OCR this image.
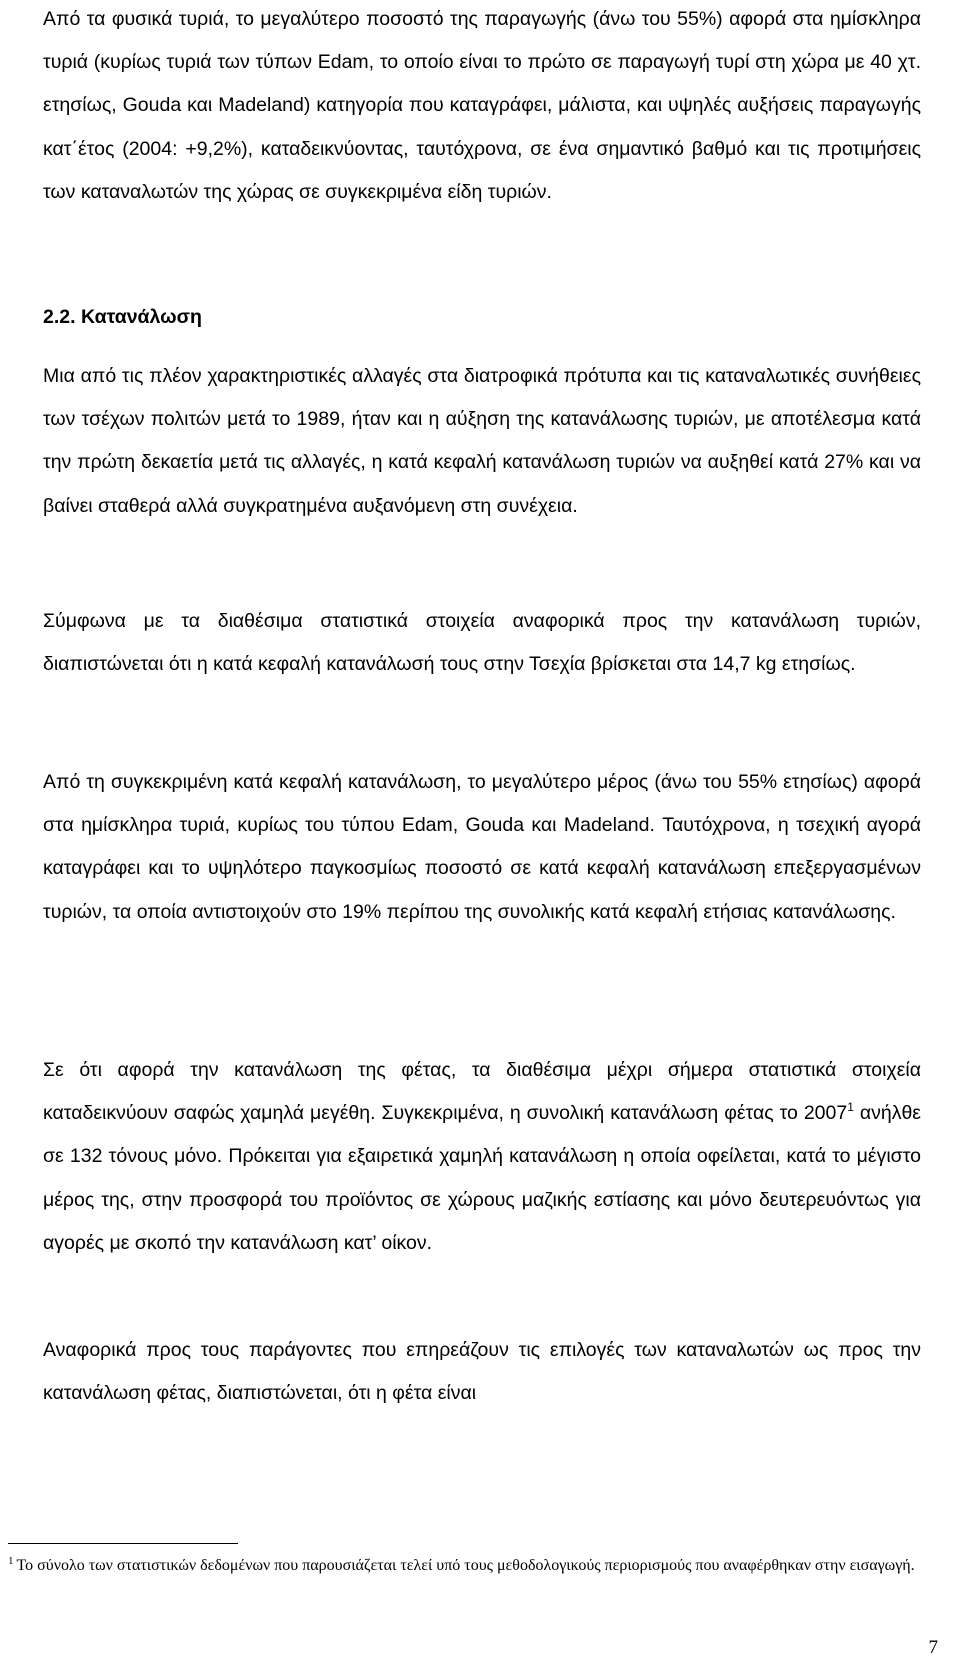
Από τα φυσικά τυριά, το μεγαλύτερο ποσοστό της παραγωγής (άνω του 55%) αφορά στα ημίσκληρα τυριά (κυρίως τυριά των τύπων Edam, το οποίο είναι το πρώτο σε παραγωγή τυρί στη χώρα με 40 χτ. ετησίως, Gouda και Madeland) κατηγορία που καταγράφει, μάλιστα, και υψηλές αυξήσεις παραγωγής κατ΄έτος (2004: +9,2%), καταδεικνύοντας, ταυτόχρονα, σε ένα σημαντικό βαθμό και τις προτιμήσεις των καταναλωτών της χώρας σε συγκεκριμένα είδη τυριών.

2.2. Κατανάλωση

Μια από τις πλέον χαρακτηριστικές αλλαγές στα διατροφικά πρότυπα και τις καταναλωτικές συνήθειες των τσέχων πολιτών μετά το 1989, ήταν και η αύξηση της κατανάλωσης τυριών, με αποτέλεσμα κατά την πρώτη δεκαετία μετά τις αλλαγές, η κατά κεφαλή κατανάλωση τυριών να αυξηθεί κατά 27% και να βαίνει σταθερά αλλά συγκρατημένα αυξανόμενη στη συνέχεια.

Σύμφωνα με τα διαθέσιμα στατιστικά στοιχεία αναφορικά προς την κατανάλωση τυριών, διαπιστώνεται ότι η κατά κεφαλή κατανάλωσή τους στην Τσεχία βρίσκεται στα 14,7 kg ετησίως.

Από τη συγκεκριμένη κατά κεφαλή κατανάλωση, το μεγαλύτερο μέρος (άνω του 55% ετησίως) αφορά στα ημίσκληρα τυριά, κυρίως του τύπου Edam, Gouda και Madeland. Ταυτόχρονα, η τσεχική αγορά καταγράφει και το υψηλότερο παγκοσμίως ποσοστό σε κατά κεφαλή κατανάλωση επεξεργασμένων τυριών, τα οποία αντιστοιχούν στο 19% περίπου της συνολικής κατά κεφαλή ετήσιας κατανάλωσης.

Σε ότι αφορά την κατανάλωση της φέτας, τα διαθέσιμα μέχρι σήμερα στατιστικά στοιχεία καταδεικνύουν σαφώς χαμηλά μεγέθη. Συγκεκριμένα, η συνολική κατανάλωση φέτας το 2007$^1$ ανήλθε σε 132 τόνους μόνο. Πρόκειται για εξαιρετικά χαμηλή κατανάλωση η οποία οφείλεται, κατά το μέγιστο μέρος της, στην προσφορά του προϊόντος σε χώρους μαζικής εστίασης και μόνο δευτερευόντως για αγορές με σκοπό την κατανάλωση κατ’ οίκον.

Αναφορικά προς τους παράγοντες που επηρεάζουν τις επιλογές των καταναλωτών ως προς την κατανάλωση φέτας, διαπιστώνεται, ότι η φέτα είναι

$^1$ Το σύνολο των στατιστικών δεδομένων που παρουσιάζεται τελεί υπό τους μεθοδολογικούς περιορισμούς που αναφέρθηκαν στην εισαγωγή.

7
